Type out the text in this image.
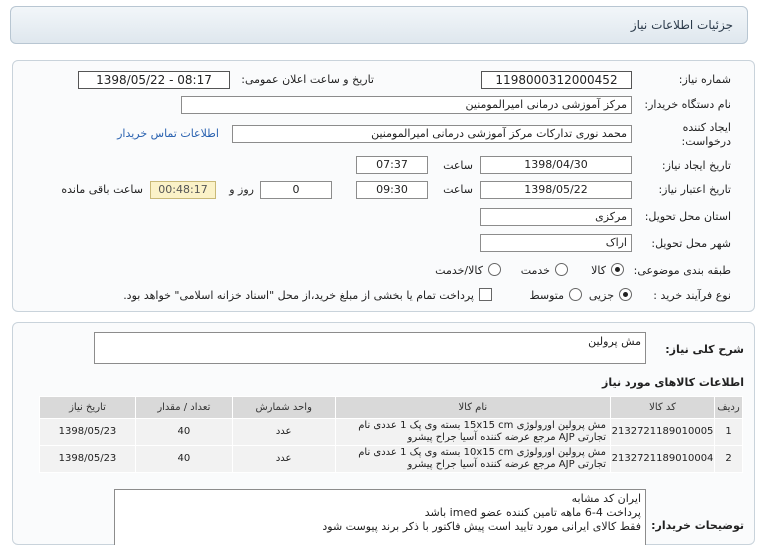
جزئیات اطلاعات نیاز
شماره نیاز:
1198000312000452
تاریخ و ساعت اعلان عمومی:
1398/05/22 - 08:17
نام دستگاه خریدار:
مرکز آموزشی درمانی امیرالمومنین
ایجاد کننده درخواست:
محمد نوری تدارکات مرکز آموزشی درمانی امیرالمومنین
اطلاعات تماس خریدار
تاریخ ایجاد نیاز:
1398/04/30
ساعت
07:37
تاریخ اعتبار نیاز:
1398/05/22
ساعت
09:30
0
روز و
00:48:17
ساعت باقی مانده
استان محل تحویل:
مرکزی
شهر محل تحویل:
اراک
طبقه بندی موضوعی:
کالا
خدمت
کالا/خدمت
نوع فرآیند خرید :
جزیی
متوسط
پرداخت تمام یا بخشی از مبلغ خرید،از محل "اسناد خزانه اسلامی" خواهد بود.
شرح کلی نیاز:
مش پرولین
اطلاعات کالاهای مورد نیاز
ردیف	کد کالا	نام کالا	واحد شمارش	تعداد / مقدار	تاریخ نیاز
1	2132721189010005	مش پرولین اورولوژی 15x15 cm بسته وی پک 1 عددی نام
تجارتی AJP مرجع عرضه کننده آسیا جراح پیشرو	عدد	40	1398/05/23
2	2132721189010004	مش پرولین اورولوژی 10x15 cm بسته وی پک 1 عددی نام
تجارتی AJP مرجع عرضه کننده آسیا جراح پیشرو	عدد	40	1398/05/23
توضیحات خریدار:
ایران کد مشابه
پرداخت 4-6 ماهه تامین کننده عضو imed باشد
فقط کالای ایرانی مورد تایید است پیش فاکتور با ذکر برند پیوست شود
